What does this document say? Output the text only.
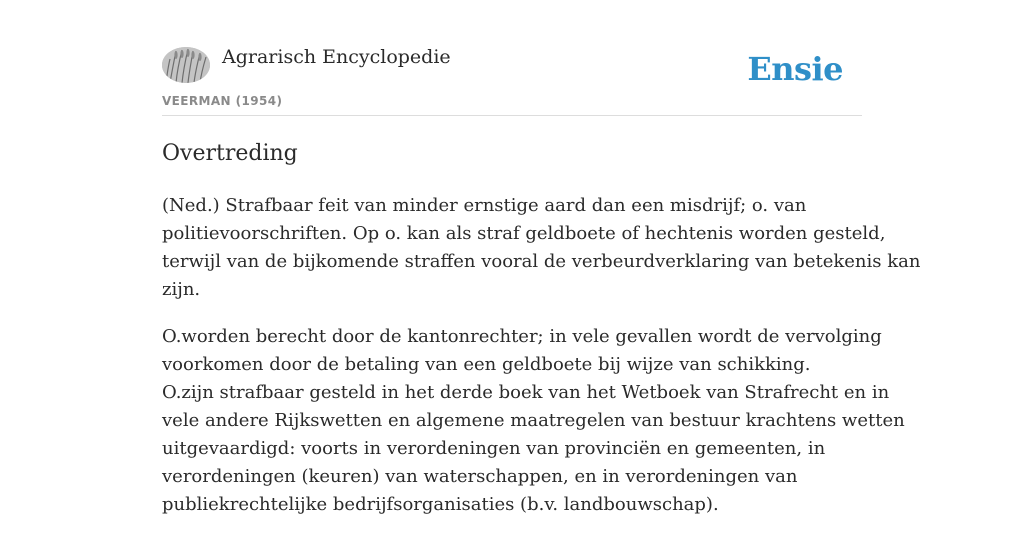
Agrarisch Encyclopedie
VEERMAN (1954)
Ensie
Overtreding

(Ned.) Strafbaar feit van minder ernstige aard dan een misdrijf; o. van
politievoorschriften. Op o. kan als straf geldboete of hechtenis worden gesteld,
terwijl van de bijkomende straffen vooral de verbeurdverklaring van betekenis kan
zijn.

O.worden berecht door de kantonrechter; in vele gevallen wordt de vervolging
voorkomen door de betaling van een geldboete bij wijze van schikking.
O.zijn strafbaar gesteld in het derde boek van het Wetboek van Strafrecht en in
vele andere Rijkswetten en algemene maatregelen van bestuur krachtens wetten
uitgevaardigd: voorts in verordeningen van provinciën en gemeenten, in
verordeningen (keuren) van waterschappen, en in verordeningen van
publiekrechtelijke bedrijfsorganisaties (b.v. landbouwschap).
